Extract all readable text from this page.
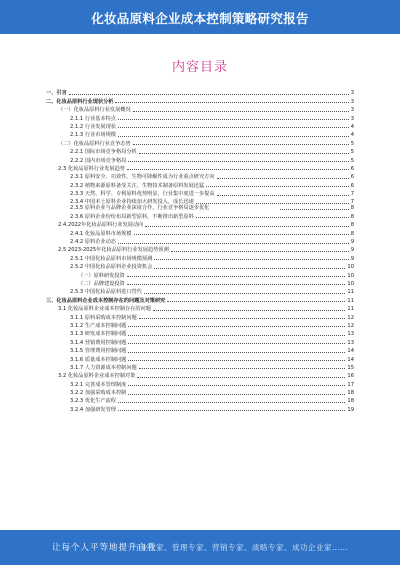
化妆品原料企业成本控制策略研究报告
内容目录
一、引言	3
二、化妆品原料行业现状分析	3
（一）化妆品原料行业发展概况	3
2.1.1 行业基本特点	3
2.1.2 行业发展现状	4
2.1.3 行业市场规模	4
（二）化妆品原料行业竞争态势	5
2.2.1 国际市场竞争格局分析	5
2.2.2 国内市场竞争格局	5
2.3 化妆品原料行业发展趋势	6
2.3.1 原料安全、功效性、生物可降解性成为行业重点研究方向	6
2.3.2 植物来源原料备受关注，生物技术制备原料发展迅猛	6
2.3.3 天然、科学、专利原料优势明显，行业集中度进一步提高	7
2.3.4 中国本土原料企业持续加大研发投入，成长迅速	7
2.3.5 原料企业与品牌企业深度合作，行业竞争格局逐步优化	8
2.3.6 原料企业纷纷布局新型原料，不断推出新型原料	8
2.4 2022年化妆品原料行业发展动向	8
2.4.1 化妆品原料市场规模	8
2.4.2 原料企业动态	9
2.5 2023-2025年化妆品原料行业发展趋势预测	9
2.5.1 中国化妆品原料市场规模预测	9
2.5.2 中国化妆品原料企业投资机会	10
（一）原料研发投资	10
（二）品牌建设投资	10
2.5.3 中国化妆品原料进口替代	11
三、化妆品原料企业成本控制存在的问题及对策研究	11
3.1 化妆品原料企业成本控制存在的问题	11
3.1.1 原料采购成本控制问题	12
3.1.2 生产成本控制问题	12
3.1.3 研发成本控制问题	13
3.1.4 营销费用控制问题	13
3.1.5 管理费用控制问题	14
3.1.6 质量成本控制问题	14
3.1.7 人力资源成本控制问题	15
3.2 化妆品原料企业成本控制对策	16
3.2.1 完善成本管理制度	17
3.2.2 加强采购成本控制	18
3.2.3 优化生产流程	18
3.2.4 加强研发管理	19
让每个人平等地提升自我
行业专家、管理专家、营销专家、战略专家、成功企业家……
